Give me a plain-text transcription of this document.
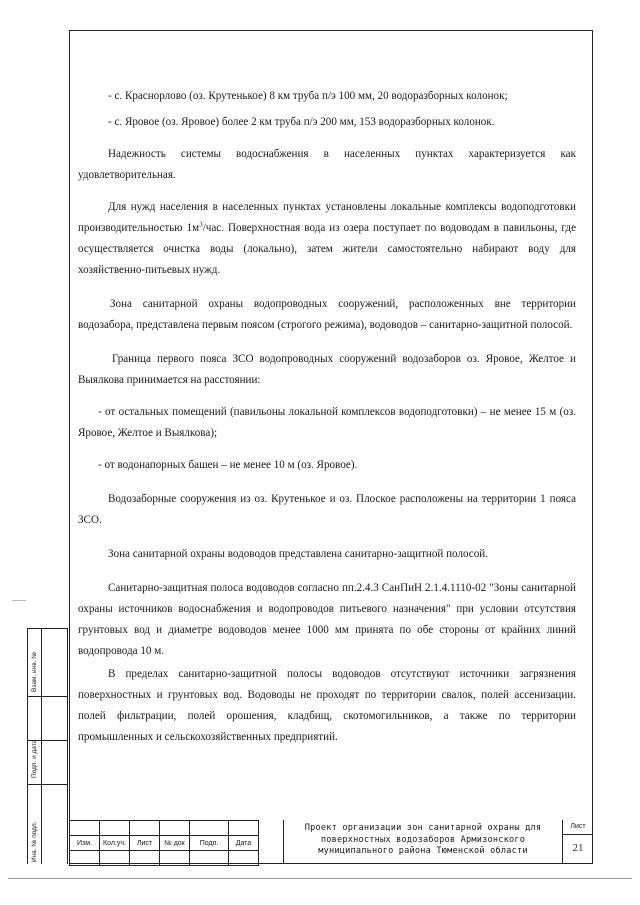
- с. Краснорлово (оз. Крутенькое) 8 км труба п/э 100 мм, 20 водоразборных колонок;

- с. Яровое (оз. Яровое) более 2 км труба п/э 200 мм, 153 водоразборных колонок.

Надежность системы водоснабжения в населенных пунктах характеризуется как удовлетворительная.

Для нужд населения в населенных пунктах установлены локальные комплексы водоподготовки производительностью $1м^3$/час. Поверхностная вода из озера поступает по водоводам в павильоны, где осуществляется очистка воды (локально), затем жители самостоятельно набирают воду для хозяйственно-питьевых нужд.

Зона санитарной охраны водопроводных сооружений, расположенных вне территории водозабора, представлена первым поясом (строгого режима), водоводов – санитарно-защитной полосой.

Граница первого пояса ЗСО водопроводных сооружений водозаборов оз. Яровое, Желтое и Выялкова принимается на расстоянии:

- от остальных помещений (павильоны локальной комплексов водоподготовки) – не менее 15 м (оз. Яровое, Желтое и Выялкова);

- от водонапорных башен – не менее 10 м (оз. Яровое).

Водозаборные сооружения из оз. Крутенькое и оз. Плоское расположены на территории 1 пояса ЗСО.

Зона санитарной охраны водоводов представлена санитарно-защитной полосой.

Санитарно-защитная полоса водоводов согласно пп.2.4.3 СанПиН 2.1.4.1110-02 "Зоны санитарной охраны источников водоснабжения и водопроводов питьевого назначения" при условии отсутствия грунтовых вод и диаметре водоводов менее 1000 мм принята по обе стороны от крайних линий водопровода 10 м.

В пределах санитарно-защитной полосы водоводов отсутствуют источники загрязнения поверхностных и грунтовых вод. Водоводы не проходят по территории свалок, полей ассенизации. полей фильтрации, полей орошения, кладбищ, скотомогильников, а также по территории промышленных и сельскохозяйственных предприятий.

Инв. № подл.
Подп. и дата
Взам. инв. №

Изм.	Кол.уч.	Лист	№ док	Подп.	Дата

Проект организации зон санитарной охраны для поверхностных водозаборов Армизонского муниципального района Тюменской области
Лист
21
